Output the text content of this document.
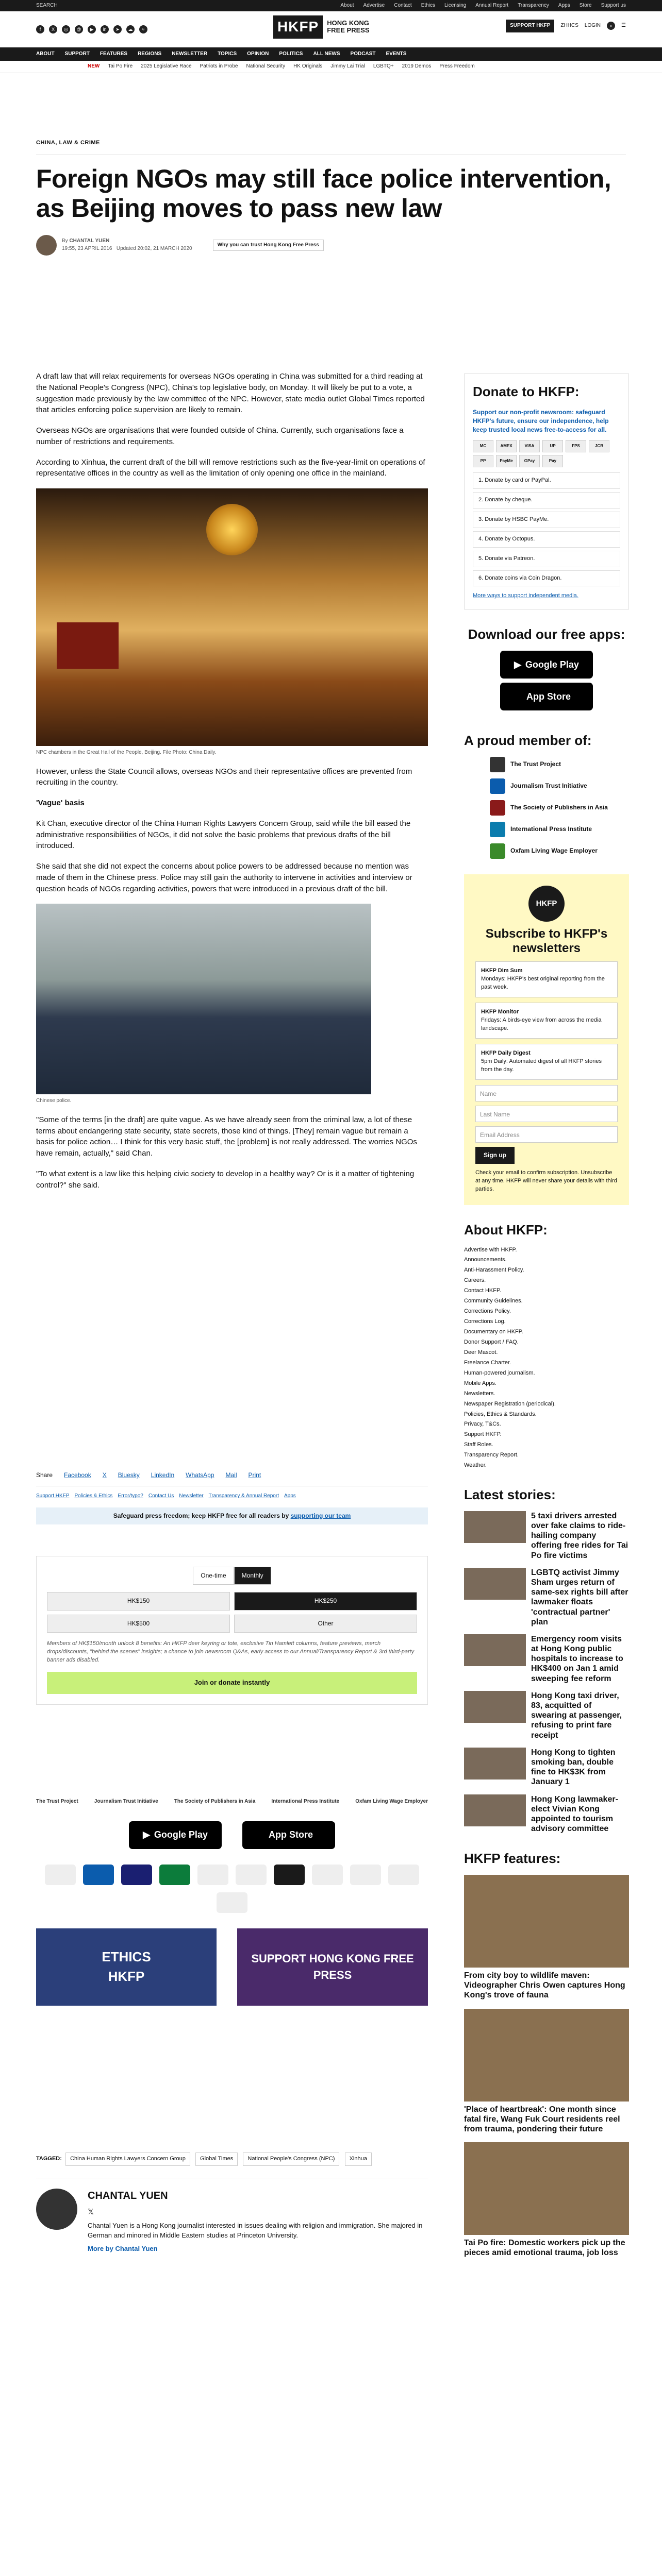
SEARCH	About Advertise Contact Ethics Licensing Annual Report Transparency Apps Store Support us
f	X	◎	@	▶	in	➤	☁	≈	HKFP	HONG KONG
FREE PRESS
SUPPORT HKFP	ZHHCS LOGIN	⌕	☰
ABOUT SUPPORT FEATURES REGIONS NEWSLETTER TOPICS OPINION POLITICS ALL NEWS PODCAST EVENTS
NEW Tai Po Fire 2025 Legislative Race Patriots in Probe National Security HK Originals Jimmy Lai Trial LGBTQ+ 2019 Demos Press Freedom
CHINA, LAW & CRIME
Foreign NGOs may still face police intervention, as Beijing moves to pass new law
By CHANTAL YUEN
19:55, 23 APRIL 2016 Updated 20:02, 21 MARCH 2020
Why you can trust Hong Kong Free Press

A draft law that will relax requirements for overseas NGOs operating in China was submitted for a third reading at the National People's Congress (NPC), China's top legislative body, on Monday. It will likely be put to a vote, a suggestion made previously by the law committee of the NPC. However, state media outlet Global Times reported that articles enforcing police supervision are likely to remain.

Overseas NGOs are organisations that were founded outside of China. Currently, such organisations face a number of restrictions and requirements.

According to Xinhua, the current draft of the bill will remove restrictions such as the five-year-limit on operations of representative offices in the country as well as the limitation of only opening one office in the mainland.

NPC chambers in the Great Hall of the People, Beijing. File Photo: China Daily.

However, unless the State Council allows, overseas NGOs and their representative offices are prevented from recruiting in the country.

'Vague' basis

Kit Chan, executive director of the China Human Rights Lawyers Concern Group, said while the bill eased the administrative responsibilities of NGOs, it did not solve the basic problems that previous drafts of the bill introduced.

She said that she did not expect the concerns about police powers to be addressed because no mention was made of them in the Chinese press. Police may still gain the authority to intervene in activities and interview or question heads of NGOs regarding activities, powers that were introduced in a previous draft of the bill.

Chinese police.

"Some of the terms [in the draft] are quite vague. As we have already seen from the criminal law, a lot of these terms about endangering state security, state secrets, those kind of things. [They] remain vague but remain a basis for police action… I think for this very basic stuff, the [problem] is not really addressed. The worries NGOs have remain, actually," said Chan.

"To what extent is a law like this helping civic society to develop in a healthy way? Or is it a matter of tightening control?" she said.

Share Facebook X Bluesky LinkedIn WhatsApp Mail Print
Support HKFP Policies & Ethics Error/typo? Contact Us Newsletter Transparency & Annual Report Apps
Safeguard press freedom; keep HKFP free for all readers by supporting our team
One-time	Monthly
HK$150	HK$250
HK$500	Other
Members of HK$150/month unlock 8 benefits: An HKFP deer keyring or tote, exclusive Tin Hamlett columns, feature previews, merch drops/discounts, "behind the scenes" insights; a chance to join newsroom Q&As, early access to our Annual/Transparency Report & 3rd third-party banner ads disabled.
Join or donate instantly
The Trust Project	Journalism Trust Initiative	The Society of Publishers in Asia	International Press Institute	Oxfam Living Wage Employer
▶ Google Play	App Store
ETHICS
HKFP
SUPPORT HONG KONG FREE PRESS
TAGGED: China Human Rights Lawyers Concern Group	Global Times	National People's Congress (NPC)	Xinhua
CHANTAL YUEN
𝕏
Chantal Yuen is a Hong Kong journalist interested in issues dealing with religion and immigration. She majored in German and minored in Middle Eastern studies at Princeton University.
More by Chantal Yuen
Donate to HKFP:
Support our non-profit newsroom: safeguard HKFP's future, ensure our independence, help keep trusted local news free-to-access for all.
MC	AMEX	VISA	UP	FPS	JCB
PP	PayMe	GPay	Pay
1. Donate by card or PayPal.
2. Donate by cheque.
3. Donate by HSBC PayMe.
4. Donate by Octopus.
5. Donate via Patreon.
6. Donate coins via Coin Dragon.
More ways to support independent media.
Download our free apps:
▶ Google Play
App Store
A proud member of:
The Trust Project
Journalism Trust Initiative
The Society of Publishers in Asia
International Press Institute
Oxfam Living Wage Employer
HKFP
Subscribe to HKFP's newsletters
HKFP Dim Sum
Mondays: HKFP's best original reporting from the past week.
HKFP Monitor
Fridays: A birds-eye view from across the media landscape.
HKFP Daily Digest
5pm Daily: Automated digest of all HKFP stories from the day.
Name
Last Name
Email Address
Sign up
Check your email to confirm subscription. Unsubscribe at any time. HKFP will never share your details with third parties.
About HKFP:
Advertise with HKFP.
Announcements.
Anti-Harassment Policy.
Careers.
Contact HKFP.
Community Guidelines.
Corrections Policy.
Corrections Log.
Documentary on HKFP.
Donor Support / FAQ.
Deer Mascot.
Freelance Charter.
Human-powered journalism.
Mobile Apps.
Newsletters.
Newspaper Registration (periodical).
Policies, Ethics & Standards.
Privacy, T&Cs.
Support HKFP.
Staff Roles.
Transparency Report.
Weather.
Latest stories:
5 taxi drivers arrested over fake claims to ride-hailing company offering free rides for Tai Po fire victims
LGBTQ activist Jimmy Sham urges return of same-sex rights bill after lawmaker floats 'contractual partner' plan
Emergency room visits at Hong Kong public hospitals to increase to HK$400 on Jan 1 amid sweeping fee reform
Hong Kong taxi driver, 83, acquitted of swearing at passenger, refusing to print fare receipt
Hong Kong to tighten smoking ban, double fine to HK$3K from January 1
Hong Kong lawmaker-elect Vivian Kong appointed to tourism advisory committee
HKFP features:
From city boy to wildlife maven: Videographer Chris Owen captures Hong Kong's trove of fauna
'Place of heartbreak': One month since fatal fire, Wang Fuk Court residents reel from trauma, pondering their future
Tai Po fire: Domestic workers pick up the pieces amid emotional trauma, job loss
